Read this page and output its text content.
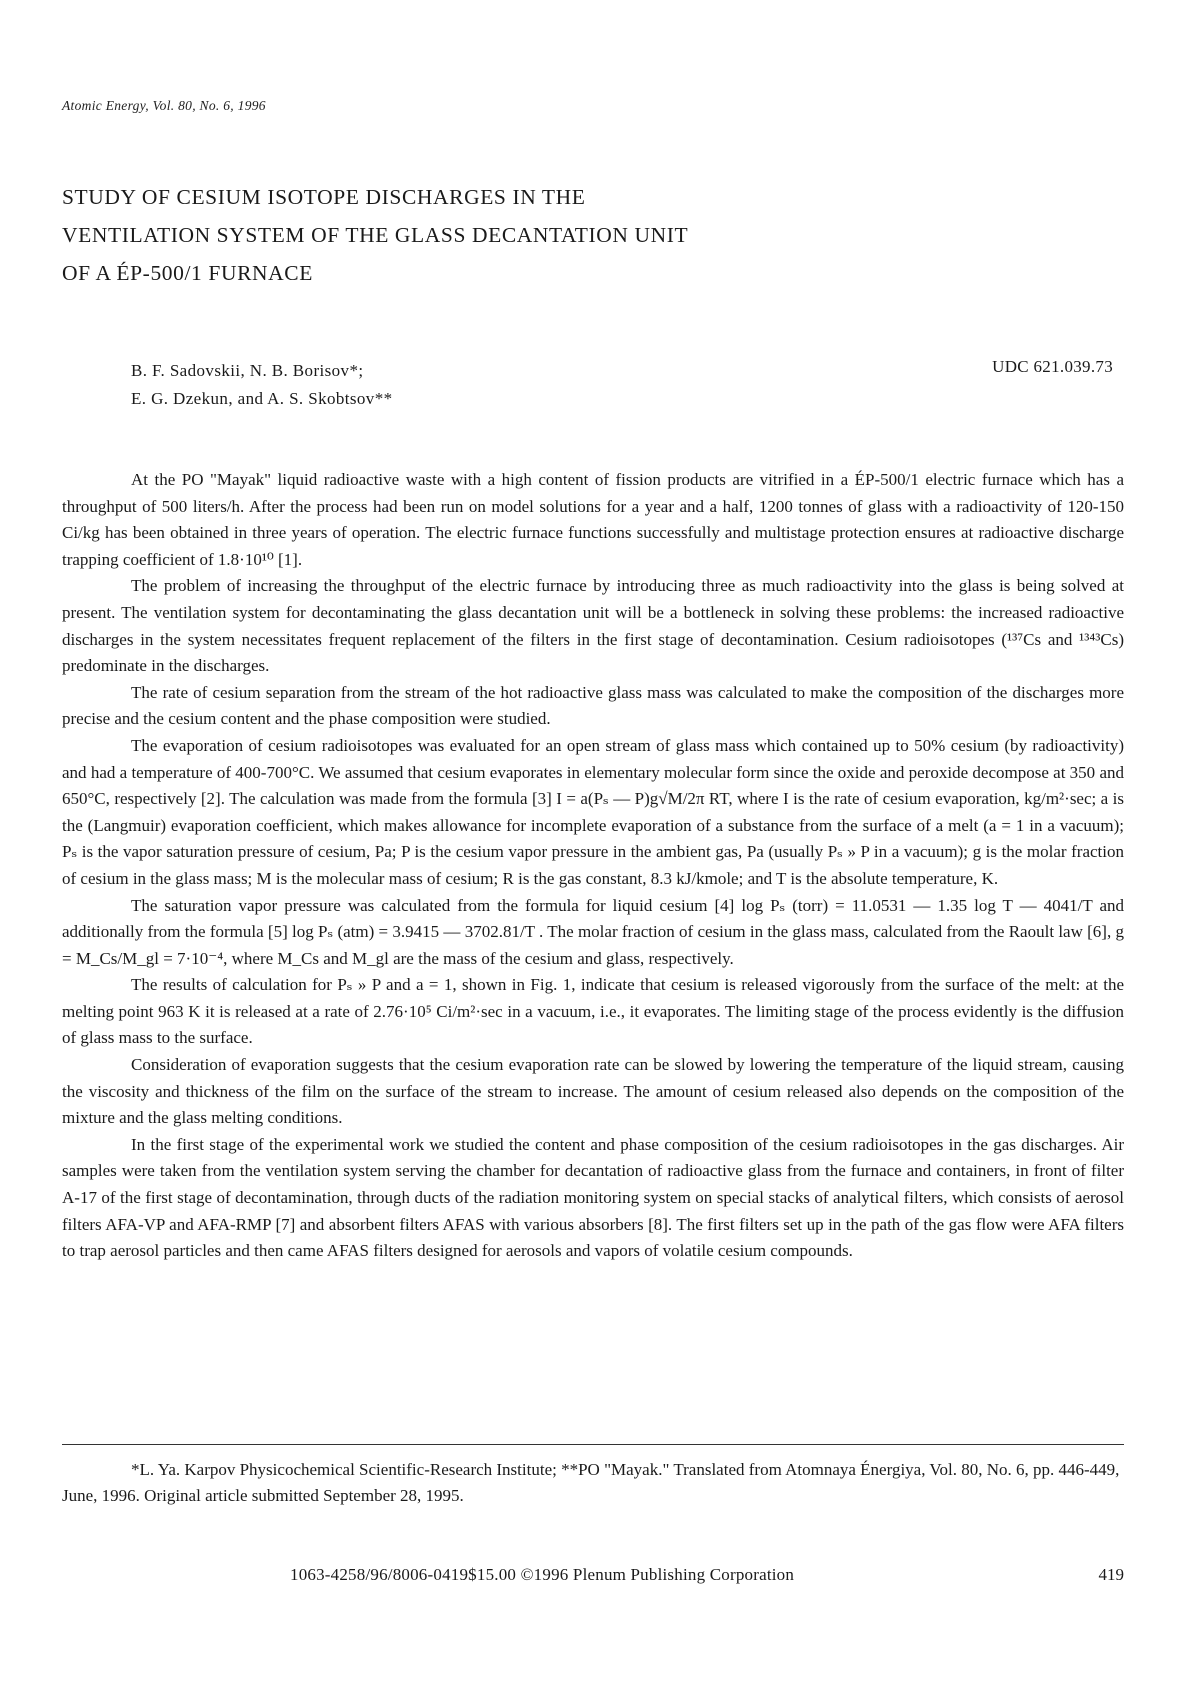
Atomic Energy, Vol. 80, No. 6, 1996
STUDY OF CESIUM ISOTOPE DISCHARGES IN THE
VENTILATION SYSTEM OF THE GLASS DECANTATION UNIT
OF A ÉP-500/1 FURNACE
B. F. Sadovskii, N. B. Borisov*;
E. G. Dzekun, and A. S. Skobtsov**
UDC 621.039.73

At the PO "Mayak" liquid radioactive waste with a high content of fission products are vitrified in a ÉP-500/1 electric furnace which has a throughput of 500 liters/h. After the process had been run on model solutions for a year and a half, 1200 tonnes of glass with a radioactivity of 120-150 Ci/kg has been obtained in three years of operation. The electric furnace functions successfully and multistage protection ensures at radioactive discharge trapping coefficient of 1.8·10¹⁰ [1].

The problem of increasing the throughput of the electric furnace by introducing three as much radioactivity into the glass is being solved at present. The ventilation system for decontaminating the glass decantation unit will be a bottleneck in solving these problems: the increased radioactive discharges in the system necessitates frequent replacement of the filters in the first stage of decontamination. Cesium radioisotopes (¹³⁷Cs and ¹³⁴³Cs) predominate in the discharges.

The rate of cesium separation from the stream of the hot radioactive glass mass was calculated to make the composition of the discharges more precise and the cesium content and the phase composition were studied.

The evaporation of cesium radioisotopes was evaluated for an open stream of glass mass which contained up to 50% cesium (by radioactivity) and had a temperature of 400-700°C. We assumed that cesium evaporates in elementary molecular form since the oxide and peroxide decompose at 350 and 650°C, respectively [2]. The calculation was made from the formula [3] I = a(Pₛ — P)g√M/2π RT, where I is the rate of cesium evaporation, kg/m²·sec; a is the (Langmuir) evaporation coefficient, which makes allowance for incomplete evaporation of a substance from the surface of a melt (a = 1 in a vacuum); Pₛ is the vapor saturation pressure of cesium, Pa; P is the cesium vapor pressure in the ambient gas, Pa (usually Pₛ » P in a vacuum); g is the molar fraction of cesium in the glass mass; M is the molecular mass of cesium; R is the gas constant, 8.3 kJ/kmole; and T is the absolute temperature, K.

The saturation vapor pressure was calculated from the formula for liquid cesium [4] log Pₛ (torr) = 11.0531 — 1.35 log T — 4041/T and additionally from the formula [5] log Pₛ (atm) = 3.9415 — 3702.81/T . The molar fraction of cesium in the glass mass, calculated from the Raoult law [6], g = M_Cs/M_gl = 7·10⁻⁴, where M_Cs and M_gl are the mass of the cesium and glass, respectively.

The results of calculation for Pₛ » P and a = 1, shown in Fig. 1, indicate that cesium is released vigorously from the surface of the melt: at the melting point 963 K it is released at a rate of 2.76·10⁵ Ci/m²·sec in a vacuum, i.e., it evaporates. The limiting stage of the process evidently is the diffusion of glass mass to the surface.

Consideration of evaporation suggests that the cesium evaporation rate can be slowed by lowering the temperature of the liquid stream, causing the viscosity and thickness of the film on the surface of the stream to increase. The amount of cesium released also depends on the composition of the mixture and the glass melting conditions.

In the first stage of the experimental work we studied the content and phase composition of the cesium radioisotopes in the gas discharges. Air samples were taken from the ventilation system serving the chamber for decantation of radioactive glass from the furnace and containers, in front of filter A-17 of the first stage of decontamination, through ducts of the radiation monitoring system on special stacks of analytical filters, which consists of aerosol filters AFA-VP and AFA-RMP [7] and absorbent filters AFAS with various absorbers [8]. The first filters set up in the path of the gas flow were AFA filters to trap aerosol particles and then came AFAS filters designed for aerosols and vapors of volatile cesium compounds.

*L. Ya. Karpov Physicochemical Scientific-Research Institute; **PO "Mayak." Translated from Atomnaya Énergiya, Vol. 80, No. 6, pp. 446-449, June, 1996. Original article submitted September 28, 1995.
1063-4258/96/8006-0419$15.00 ©1996 Plenum Publishing Corporation	419
